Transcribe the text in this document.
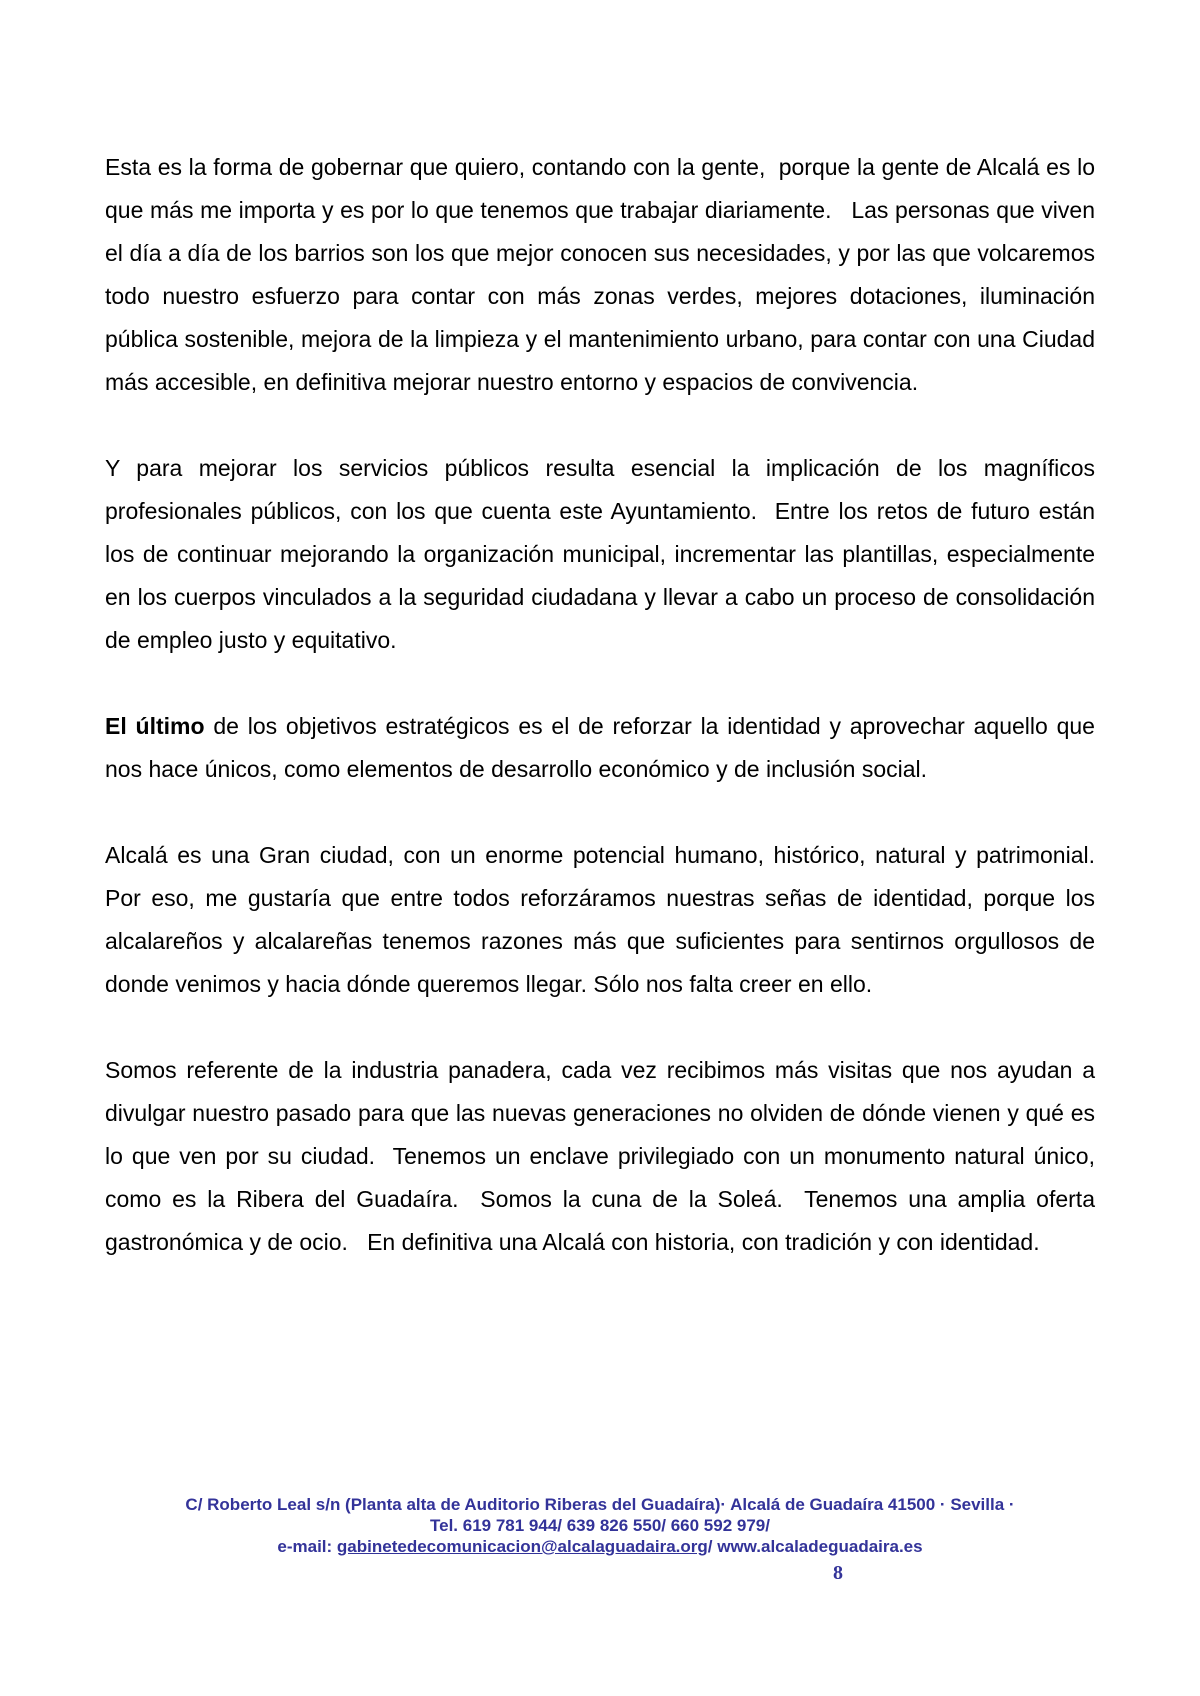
Esta es la forma de gobernar que quiero, contando con la gente,  porque la gente de Alcalá es lo que más me importa y es por lo que tenemos que trabajar diariamente.   Las personas que viven el día a día de los barrios son los que mejor conocen sus necesidades, y por las que volcaremos todo nuestro esfuerzo para contar con más zonas verdes, mejores dotaciones, iluminación pública sostenible, mejora de la limpieza y el mantenimiento urbano, para contar con una Ciudad más accesible, en definitiva mejorar nuestro entorno y espacios de convivencia.

Y para mejorar los servicios públicos resulta esencial la implicación de los magníficos profesionales públicos, con los que cuenta este Ayuntamiento.  Entre los retos de futuro están los de continuar mejorando la organización municipal, incrementar las plantillas, especialmente en los cuerpos vinculados a la seguridad ciudadana y llevar a cabo un proceso de consolidación de empleo justo y equitativo.

El último de los objetivos estratégicos es el de reforzar la identidad y aprovechar aquello que nos hace únicos, como elementos de desarrollo económico y de inclusión social.

Alcalá es una Gran ciudad, con un enorme potencial humano, histórico, natural y patrimonial. Por eso, me gustaría que entre todos reforzáramos nuestras señas de identidad, porque los alcalareños y alcalareñas tenemos razones más que suficientes para sentirnos orgullosos de donde venimos y hacia dónde queremos llegar. Sólo nos falta creer en ello.

Somos referente de la industria panadera, cada vez recibimos más visitas que nos ayudan a divulgar nuestro pasado para que las nuevas generaciones no olviden de dónde vienen y qué es lo que ven por su ciudad.  Tenemos un enclave privilegiado con un monumento natural único, como es la Ribera del Guadaíra.  Somos la cuna de la Soleá.  Tenemos una amplia oferta gastronómica y de ocio.   En definitiva una Alcalá con historia, con tradición y con identidad.

C/ Roberto Leal s/n (Planta alta de Auditorio Riberas del Guadaíra)· Alcalá de Guadaíra 41500 · Sevilla ·
Tel. 619 781 944/ 639 826 550/ 660 592 979/
e-mail: gabinetedecomunicacion@alcalaguadaira.org/ www.alcaladeguadaira.es
8
